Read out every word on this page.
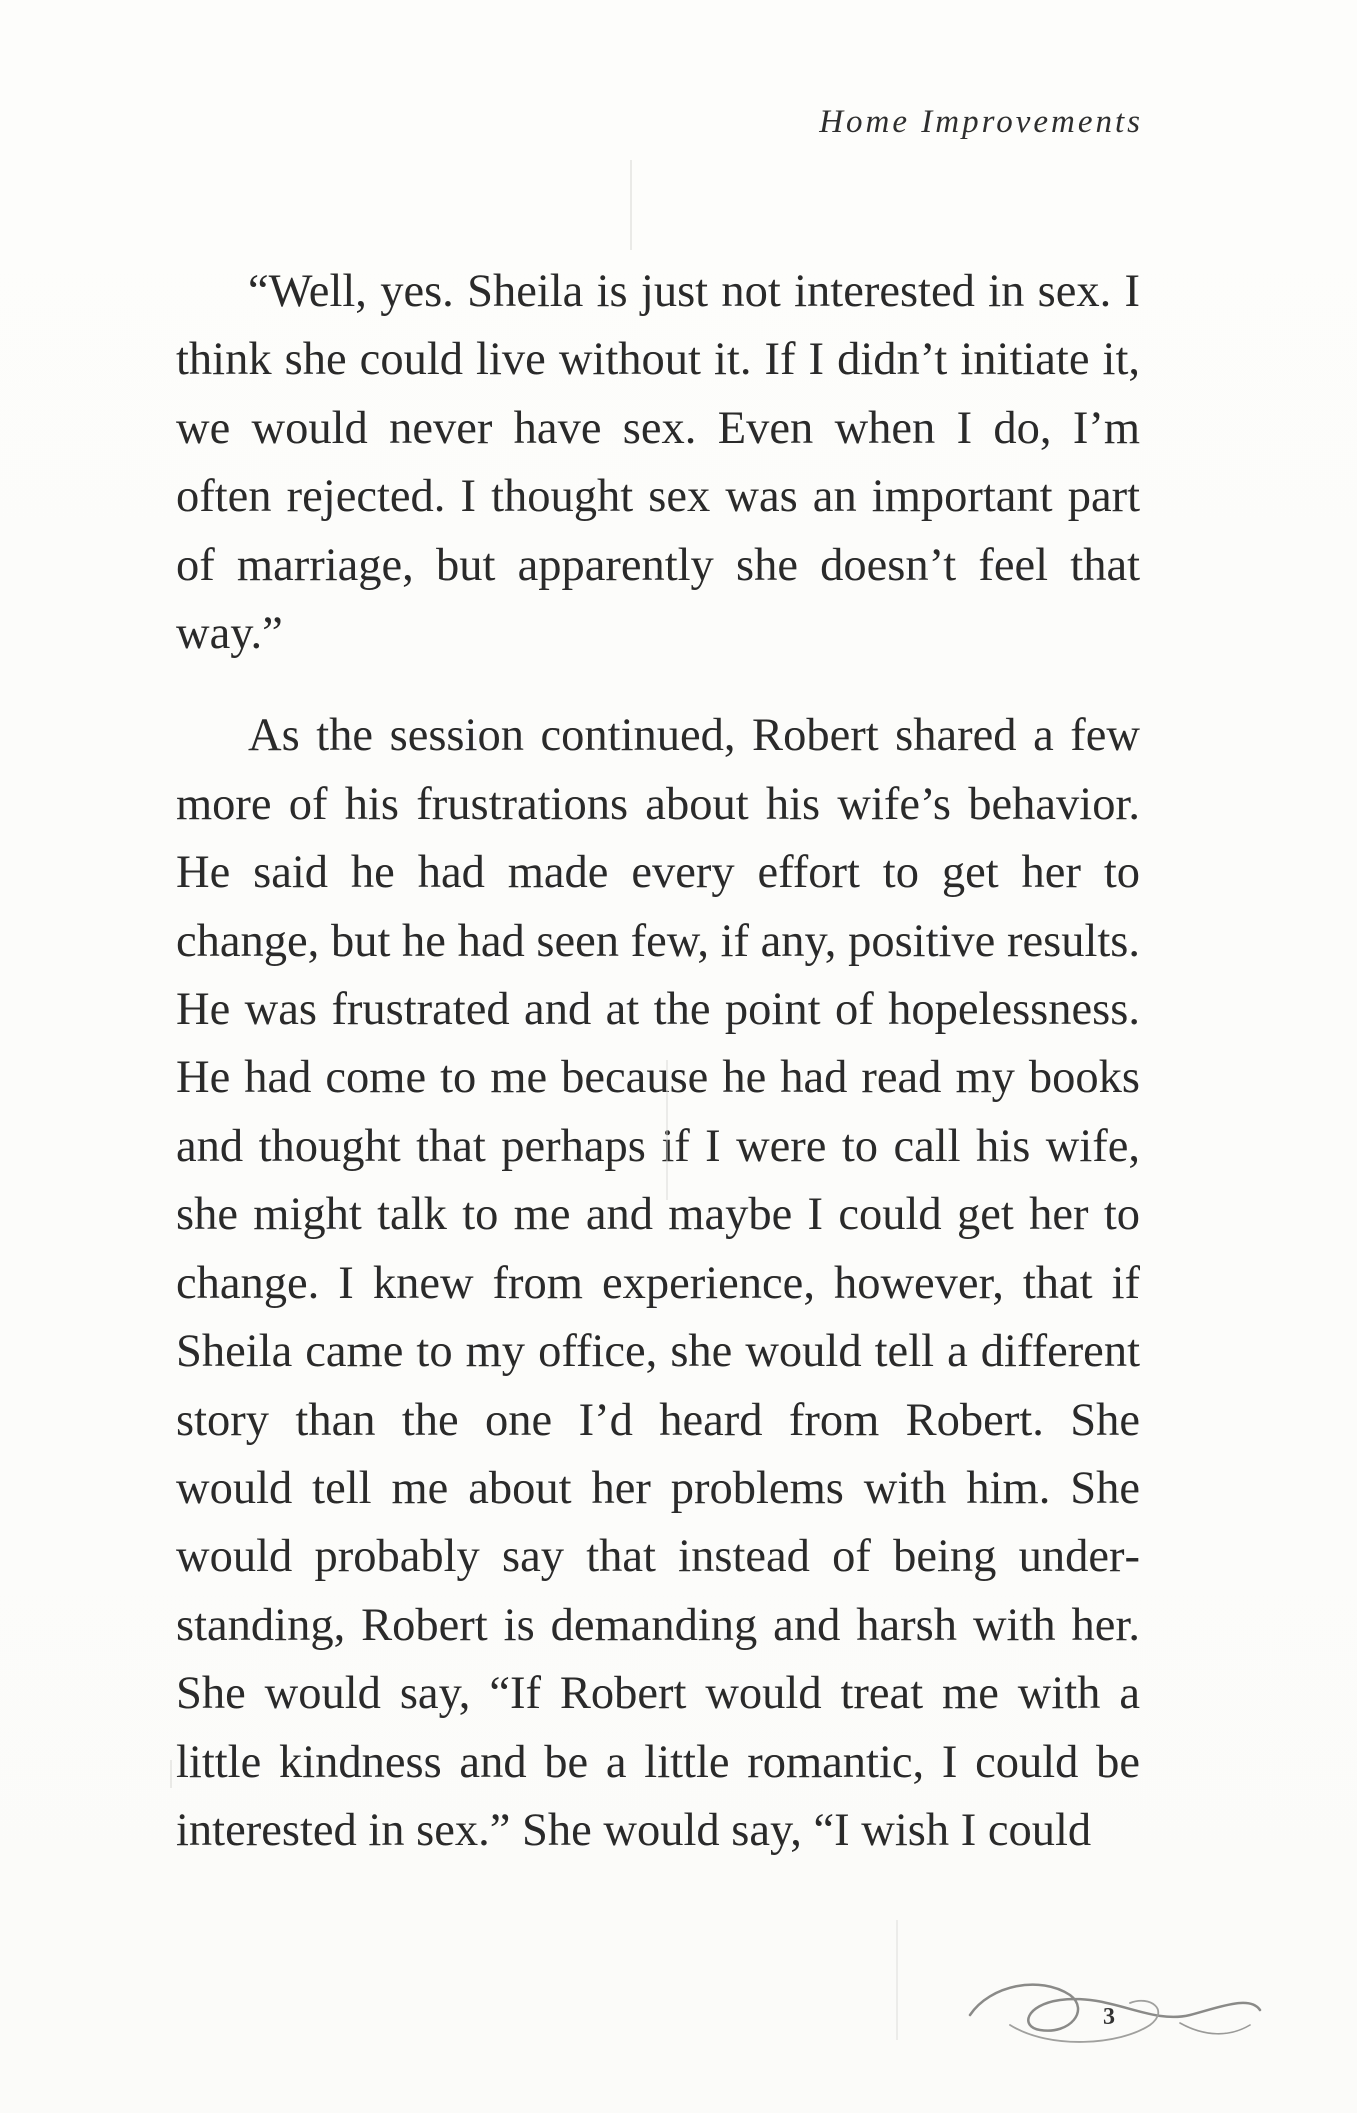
Home Improvements

“Well, yes. Sheila is just not interested in sex. I think she could live without it. If I didn’t initiate it, we would never have sex. Even when I do, I’m often rejected. I thought sex was an important part of marriage, but apparently she doesn’t feel that way.”

As the session continued, Robert shared a few more of his frustrations about his wife’s behavior. He said he had made every effort to get her to change, but he had seen few, if any, positive results. He was frustrated and at the point of hopelessness. He had come to me because he had read my books and thought that perhaps if I were to call his wife, she might talk to me and maybe I could get her to change. I knew from experience, however, that if Sheila came to my office, she would tell a different story than the one I’d heard from Robert. She would tell me about her problems with him. She would probably say that instead of being understanding, Robert is demanding and harsh with her. She would say, “If Robert would treat me with a little kindness and be a little romantic, I could be interested in sex.” She would say, “I wish I could

3
